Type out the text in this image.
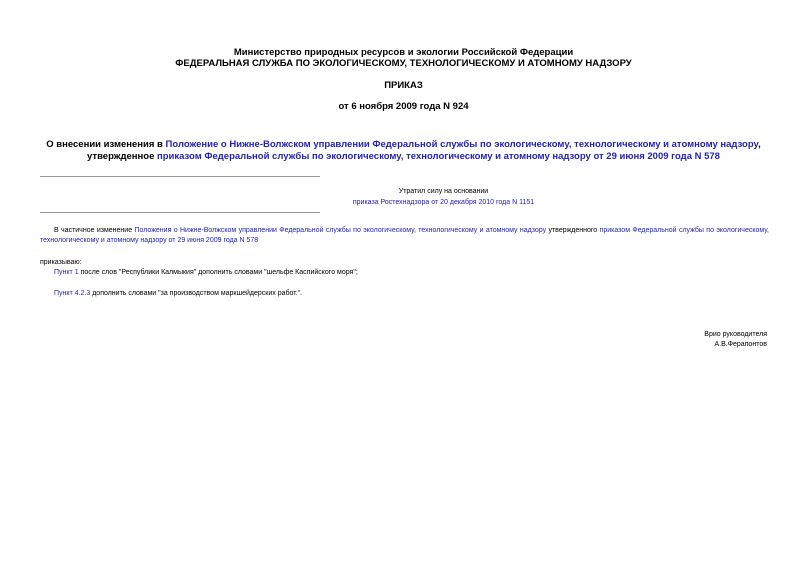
Министерство природных ресурсов и экологии Российской Федерации
ФЕДЕРАЛЬНАЯ СЛУЖБА ПО ЭКОЛОГИЧЕСКОМУ, ТЕХНОЛОГИЧЕСКОМУ И АТОМНОМУ НАДЗОРУ
ПРИКАЗ
от 6 ноября 2009 года N 924
О внесении изменения в Положение о Нижне-Волжском управлении Федеральной службы по экологическому, технологическому и атомному надзору, утвержденное приказом Федеральной службы по экологическому, технологическому и атомному надзору от 29 июня 2009 года N 578
Утратил силу на основании
приказа Ростехнадзора от 20 декабря 2010 года N 1151
В частичное изменение Положения о Нижне-Волжском управлении Федеральной службы по экологическому, технологическому и атомному надзору утвержденного приказом Федеральной службы по экологическому, технологическому и атомному надзору от 29 июня 2009 года N 578
приказываю:
Пункт 1 после слов "Республики Калмыкия" дополнить словами "шельфе Каспийского моря";
Пункт 4.2.3 дополнить словами "за производством маркшейдерских работ.".
Врио руководителя
А.В.Ферапонтов
